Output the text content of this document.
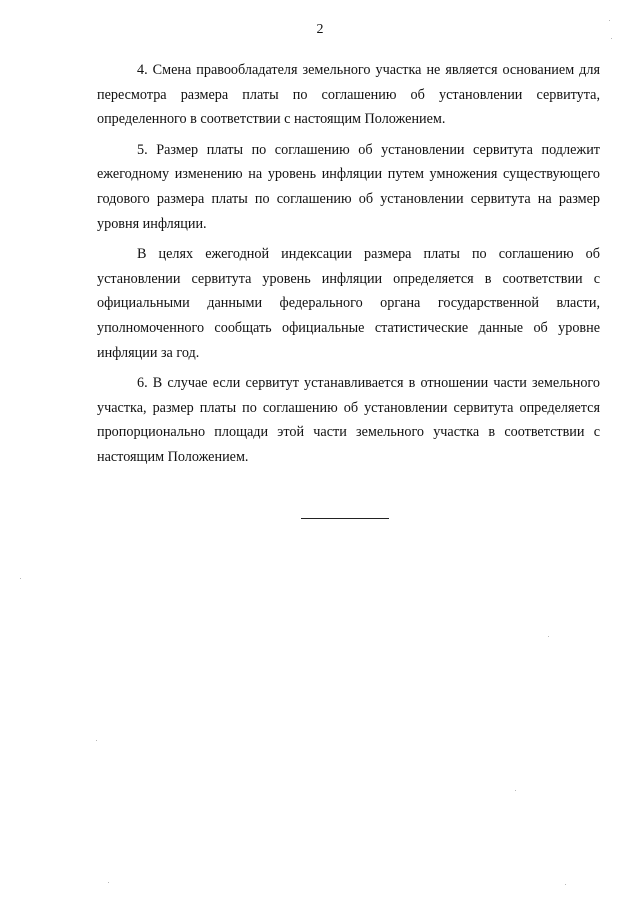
2

4. Смена правообладателя земельного участка не является основанием для пересмотра размера платы по соглашению об установлении сервитута, определенного в соответствии с настоящим Положением.

5. Размер платы по соглашению об установлении сервитута подлежит ежегодному изменению на уровень инфляции путем умножения существующего годового размера платы по соглашению об установлении сервитута на размер уровня инфляции.

В целях ежегодной индексации размера платы по соглашению об установлении сервитута уровень инфляции определяется в соответствии с официальными данными федерального органа государственной власти, уполномоченного сообщать официальные статистические данные об уровне инфляции за год.

6. В случае если сервитут устанавливается в отношении части земельного участка, размер платы по соглашению об установлении сервитута определяется пропорционально площади этой части земельного участка в соответствии с настоящим Положением.
